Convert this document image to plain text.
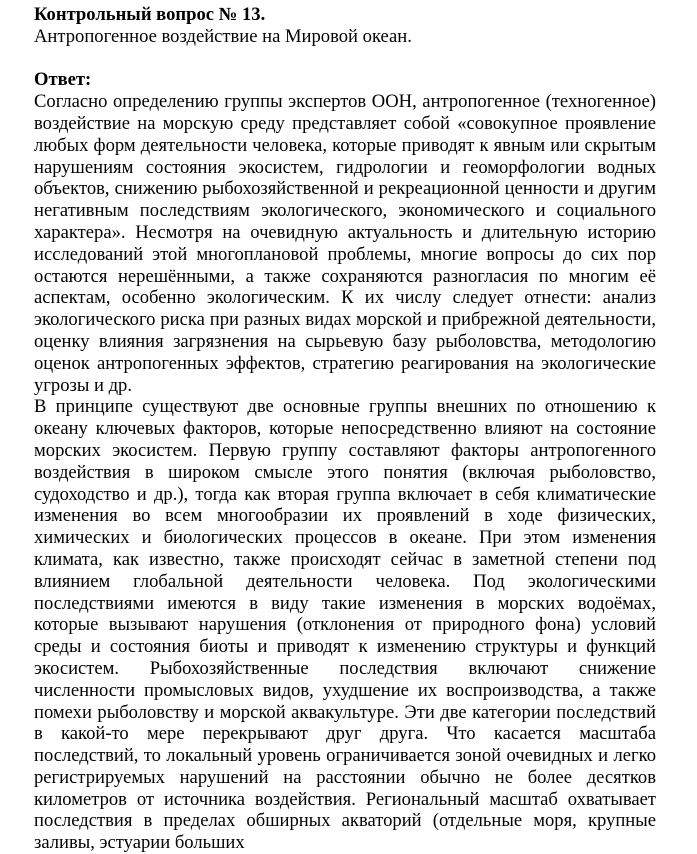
Контрольный вопрос № 13.

Антропогенное воздействие на Мировой океан.

Ответ:

Согласно определению группы экспертов ООН, антропогенное (техногенное) воздействие на морскую среду представляет собой «совокупное проявление любых форм деятельности человека, которые приводят к явным или скрытым нарушениям состояния экосистем, гидрологии и геоморфологии водных объектов, снижению рыбохозяйственной и рекреационной ценности и другим негативным последствиям экологического, экономического и социального характера». Несмотря на очевидную актуальность и длительную историю исследований этой многоплановой проблемы, многие вопросы до сих пор остаются нерешёнными, а также сохраняются разногласия по многим её аспектам, особенно экологическим. К их числу следует отнести: анализ экологического риска при разных видах морской и прибрежной деятельности, оценку влияния загрязнения на сырьевую базу рыболовства, методологию оценок антропогенных эффектов, стратегию реагирования на экологические угрозы и др.

В принципе существуют две основные группы внешних по отношению к океану ключевых факторов, которые непосредственно влияют на состояние морских экосистем. Первую группу составляют факторы антропогенного воздействия в широком смысле этого понятия (включая рыболовство, судоходство и др.), тогда как вторая группа включает в себя климатические изменения во всем многообразии их проявлений в ходе физических, химических и биологических процессов в океане. При этом изменения климата, как известно, также происходят сейчас в заметной степени под влиянием глобальной деятельности человека. Под экологическими последствиями имеются в виду такие изменения в морских водоёмах, которые вызывают нарушения (отклонения от природного фона) условий среды и состояния биоты и приводят к изменению структуры и функций экосистем. Рыбохозяйственные последствия включают снижение численности промысловых видов, ухудшение их воспроизводства, а также помехи рыболовству и морской аквакультуре. Эти две категории последствий в какой-то мере перекрывают друг друга. Что касается масштаба последствий, то локальный уровень ограничивается зоной очевидных и легко регистрируемых нарушений на расстоянии обычно не более десятков километров от источника воздействия. Региональный масштаб охватывает последствия в пределах обширных акваторий (отдельные моря, крупные заливы, эстуарии больших
